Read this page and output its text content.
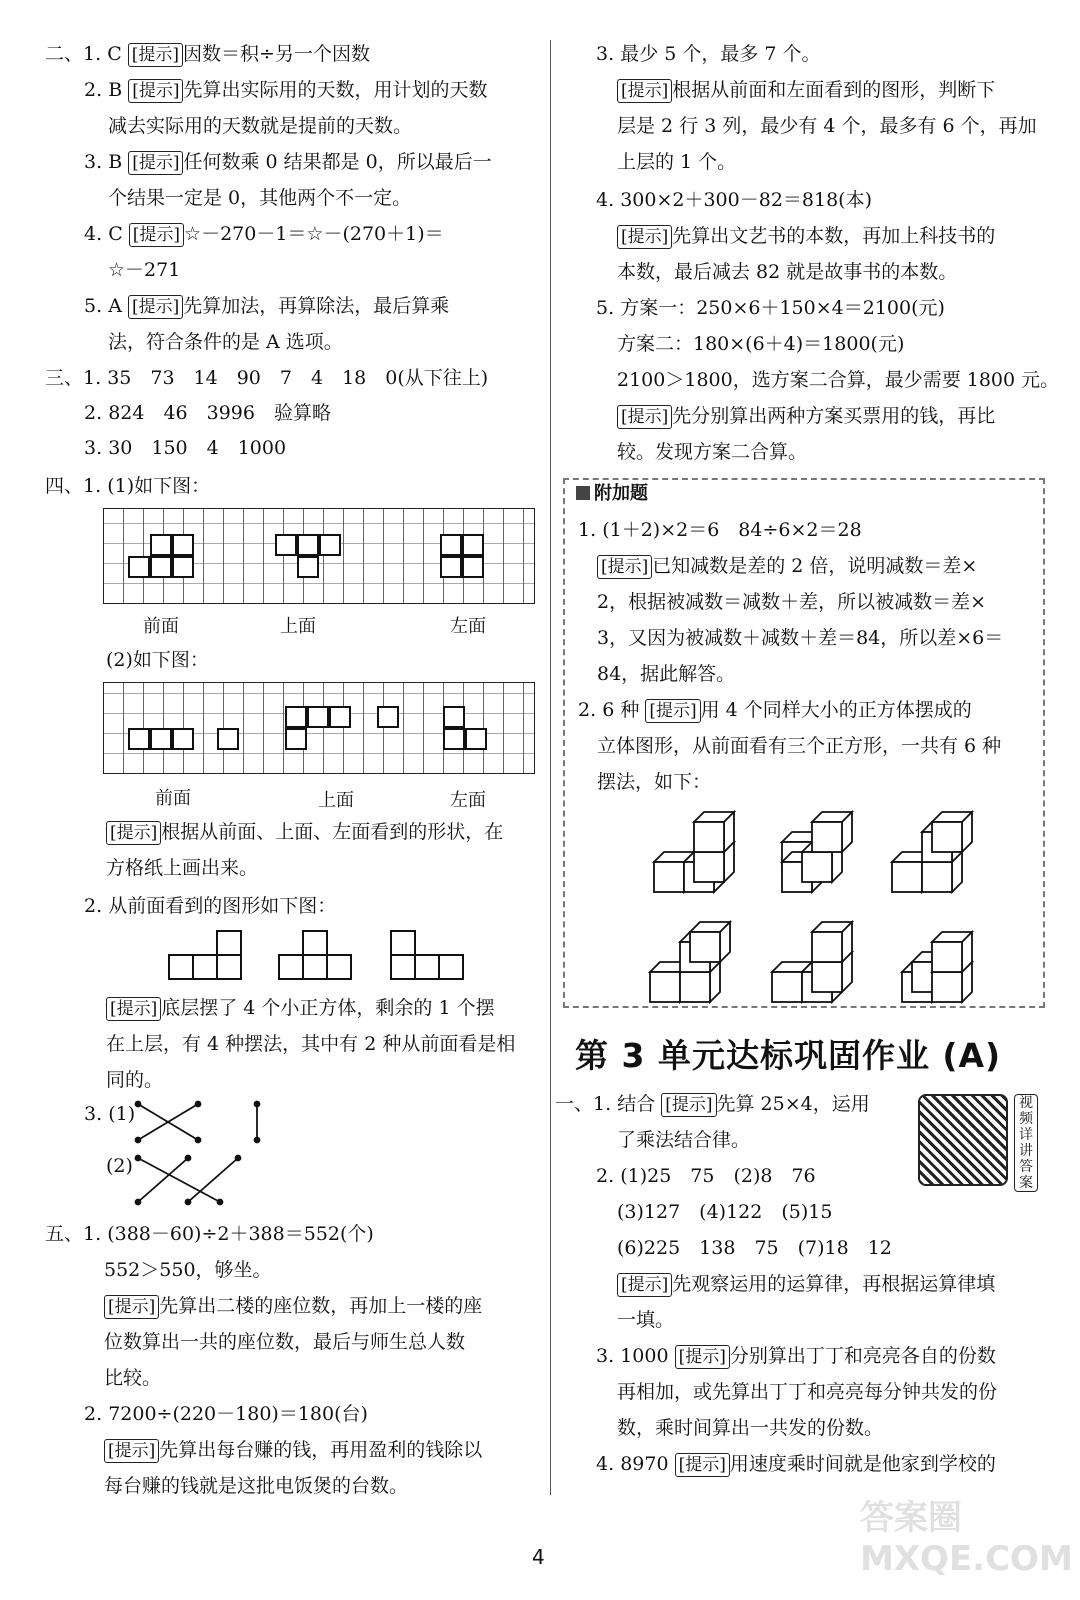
二、1. C [提示] 因数＝积÷另一个因数
2. B [提示] 先算出实际用的天数，用计划的天数
减去实际用的天数就是提前的天数。
3. B [提示] 任何数乘 0 结果都是 0，所以最后一
个结果一定是 0，其他两个不一定。
4. C [提示] ☆－270－1＝☆－(270＋1)＝
☆－271
5. A [提示] 先算加法，再算除法，最后算乘
法，符合条件的是 A 选项。
三、1. 35　73　14　90　7　4　18　0(从下往上)
2. 824　46　3996　验算略
3. 30　150　4　1000
四、1. (1)如下图：
前面	上面	左面
(2)如下图：
前面	上面	左面
[提示] 根据从前面、上面、左面看到的形状，在
方格纸上画出来。
2. 从前面看到的图形如下图：
[提示] 底层摆了 4 个小正方体，剩余的 1 个摆
在上层，有 4 种摆法，其中有 2 种从前面看是相
同的。
3. (1)
(2)
五、1. (388－60)÷2＋388＝552(个)
552＞550，够坐。
[提示] 先算出二楼的座位数，再加上一楼的座
位数算出一共的座位数，最后与师生总人数
比较。
2. 7200÷(220－180)＝180(台)
[提示] 先算出每台赚的钱，再用盈利的钱除以
每台赚的钱就是这批电饭煲的台数。
3. 最少 5 个，最多 7 个。
[提示] 根据从前面和左面看到的图形，判断下
层是 2 行 3 列，最少有 4 个，最多有 6 个，再加
上层的 1 个。
4. 300×2＋300－82＝818(本)
[提示] 先算出文艺书的本数，再加上科技书的
本数，最后减去 82 就是故事书的本数。
5. 方案一：250×6＋150×4＝2100(元)
方案二：180×(6＋4)＝1800(元)
2100＞1800，选方案二合算，最少需要 1800 元。
[提示] 先分别算出两种方案买票用的钱，再比
较。发现方案二合算。
附加题
1. (1＋2)×2＝6　84÷6×2＝28
[提示] 已知减数是差的 2 倍，说明减数＝差×
2，根据被减数＝减数＋差，所以被减数＝差×
3，又因为被减数＋减数＋差＝84，所以差×6＝
84，据此解答。
2. 6 种 [提示] 用 4 个同样大小的正方体摆成的
立体图形，从前面看有三个正方形，一共有 6 种
摆法，如下：
第 3 单元达标巩固作业 (A)
一、1. 结合 [提示] 先算 25×4，运用
了乘法结合律。
视频详讲答案
2. (1)25　75　(2)8　76
(3)127　(4)122　(5)15
(6)225　138　75　(7)18　12
[提示] 先观察运用的运算律，再根据运算律填
一填。
3. 1000 [提示] 分别算出丁丁和亮亮各自的份数
再相加，或先算出丁丁和亮亮每分钟共发的份
数，乘时间算出一共发的份数。
4. 8970 [提示] 用速度乘时间就是他家到学校的
4
答案圈 MXQE.COM
